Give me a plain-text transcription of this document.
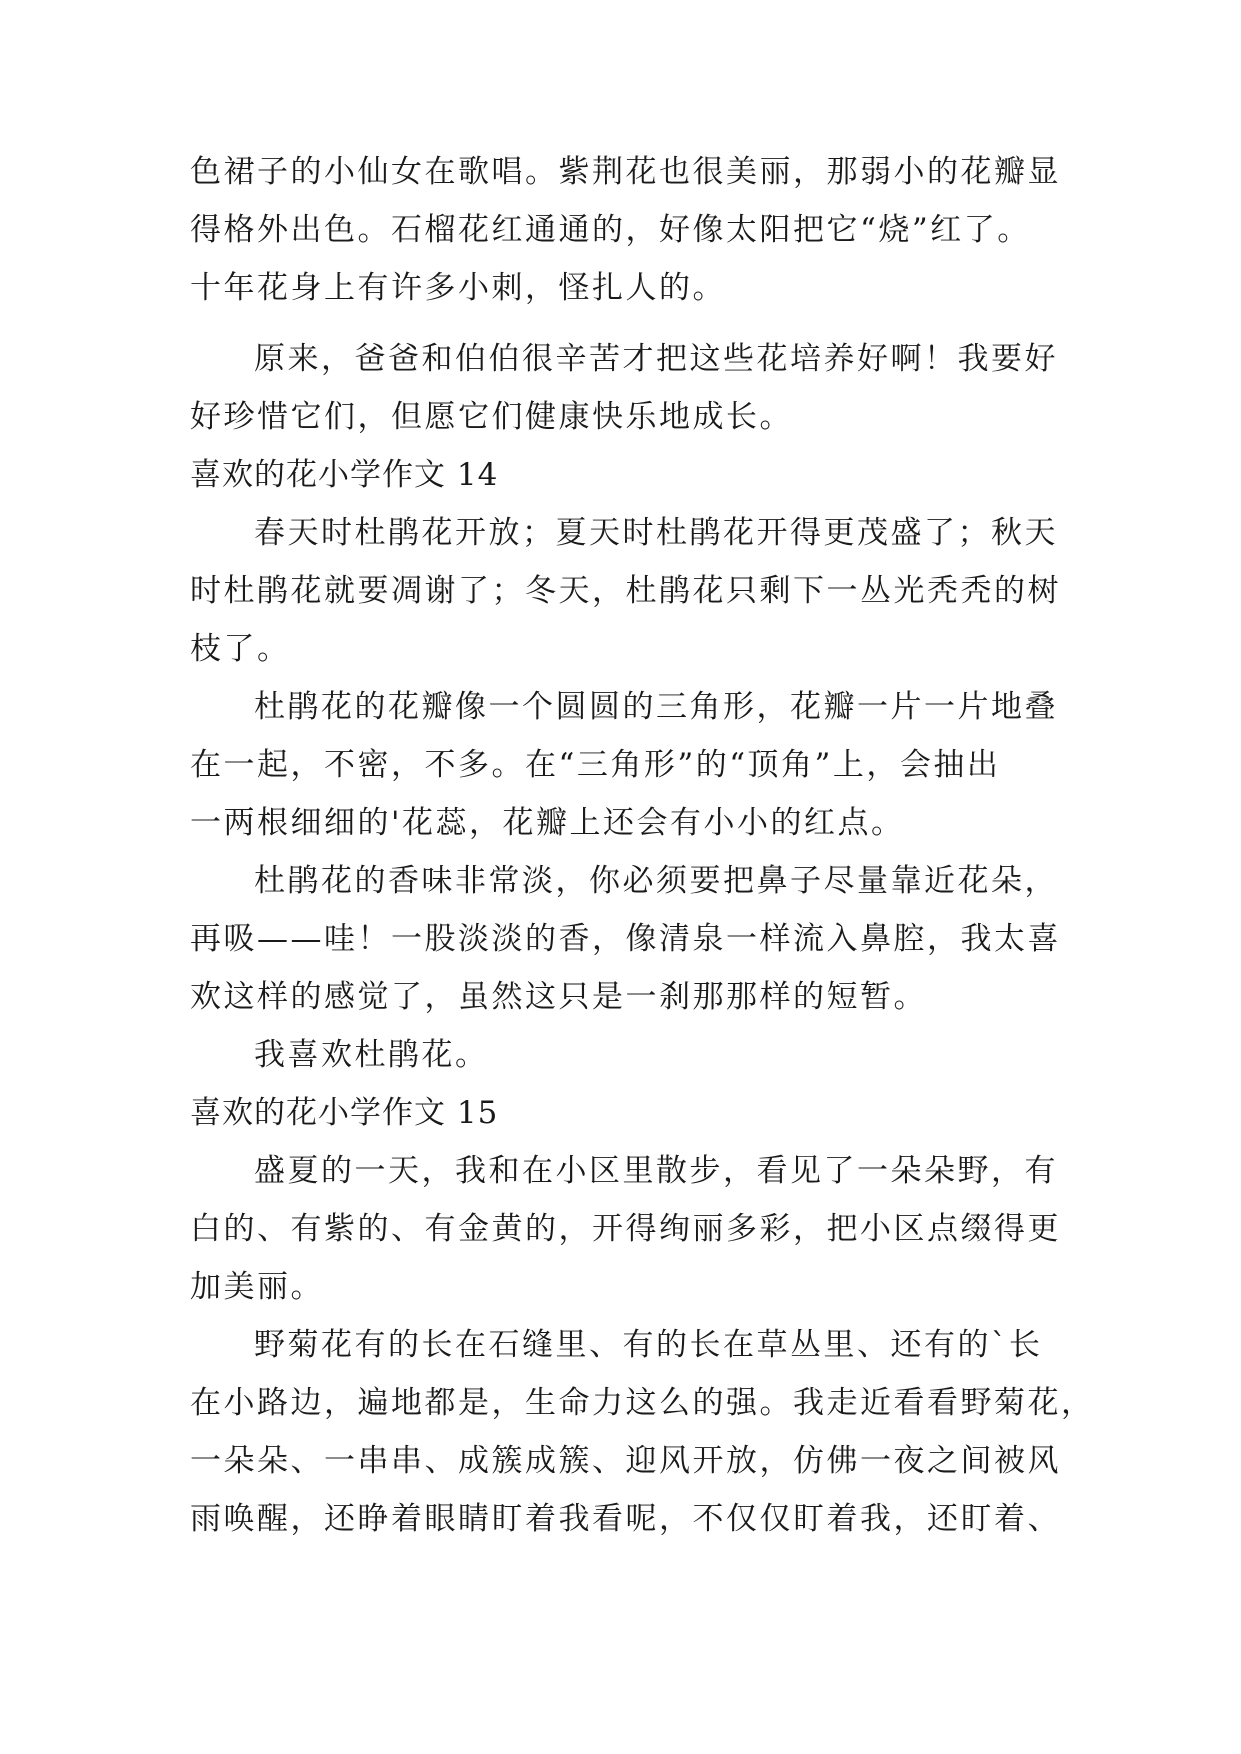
色裙子的小仙女在歌唱。紫荆花也很美丽，那弱小的花瓣显
得格外出色。石榴花红通通的，好像太阳把它“烧”红了。
十年花身上有许多小刺，怪扎人的。
原来，爸爸和伯伯很辛苦才把这些花培养好啊！我要好
好珍惜它们，但愿它们健康快乐地成长。
喜欢的花小学作文 14
春天时杜鹃花开放；夏天时杜鹃花开得更茂盛了；秋天
时杜鹃花就要凋谢了；冬天，杜鹃花只剩下一丛光秃秃的树
枝了。
杜鹃花的花瓣像一个圆圆的三角形，花瓣一片一片地叠
在一起，不密，不多。在“三角形”的“顶角”上，会抽出
一两根细细的'花蕊，花瓣上还会有小小的红点。
杜鹃花的香味非常淡，你必须要把鼻子尽量靠近花朵，
再吸——哇！一股淡淡的香，像清泉一样流入鼻腔，我太喜
欢这样的感觉了，虽然这只是一刹那那样的短暂。
我喜欢杜鹃花。
喜欢的花小学作文 15
盛夏的一天，我和在小区里散步，看见了一朵朵野，有
白的、有紫的、有金黄的，开得绚丽多彩，把小区点缀得更
加美丽。
野菊花有的长在石缝里、有的长在草丛里、还有的`长
在小路边，遍地都是，生命力这么的强。我走近看看野菊花，
一朵朵、一串串、成簇成簇、迎风开放，仿佛一夜之间被风
雨唤醒，还睁着眼睛盯着我看呢，不仅仅盯着我，还盯着、
